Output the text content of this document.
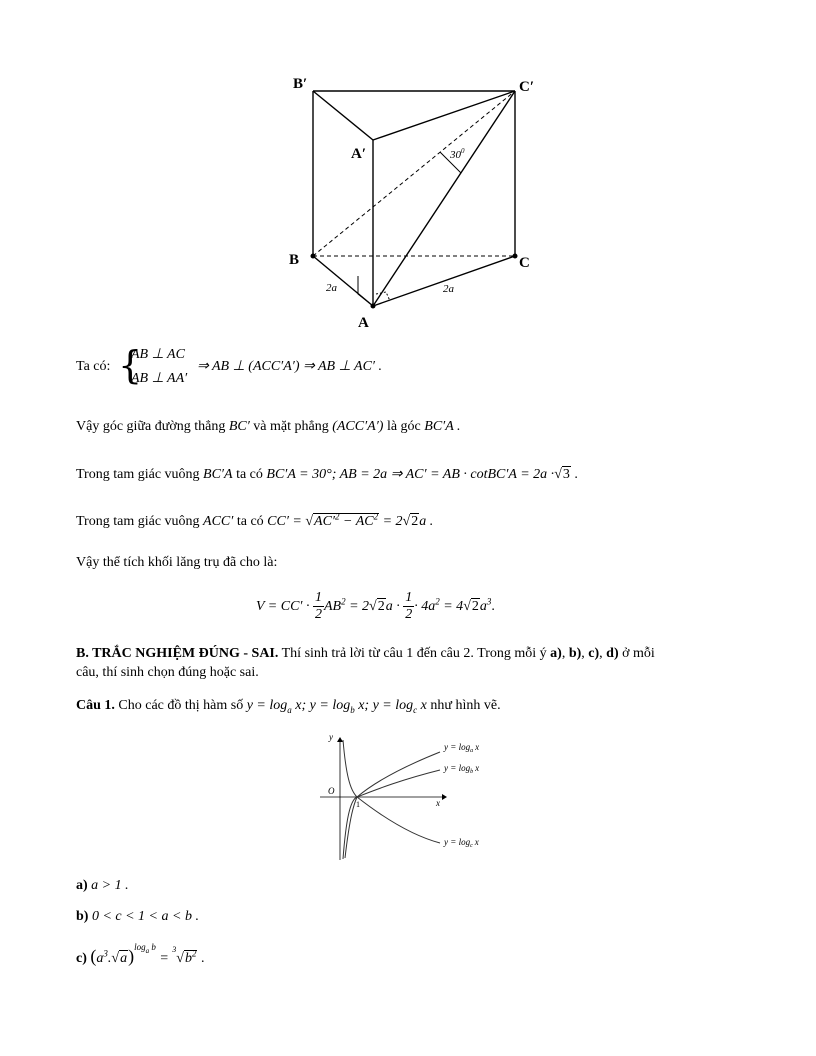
B′	C′
A′
B	C
A
$30^0$
2a	2a
Ta có: {
AB ⊥ AC
AB ⊥ AA′
⇒ AB ⊥ (ACC′A′) ⇒ AB ⊥ AC′ .
Vậy góc giữa đường thẳng BC′ và mặt phẳng (ACC′A′) là góc BC′A .
Trong tam giác vuông BC′A ta có BC′A = 30°; AB = 2a ⇒ AC′ = AB · cotBC′A = 2a ·√3 .
Trong tam giác vuông ACC′ ta có $CC' = √AC'^2 - AC^2 = 2√2a$ .
Vậy thể tích khối lăng trụ đã cho là:
$V = CC' \cdot \frac{1}{2} AB^2 = 2√2a \cdot \frac{1}{2} \cdot 4a^2 = 4√2a^3$.
B. TRẮC NGHIỆM ĐÚNG - SAI. Thí sinh trả lời từ câu 1 đến câu 2. Trong mỗi ý a), b), c), d) ở mỗi
câu, thí sinh chọn đúng hoặc sai.
Câu 1. Cho các đồ thị hàm số $y = \log_a x$; $y = \log_b x$; $y = \log_c x$ như hình vẽ.
y
x
O
1
$y = \log_a x$
$y = \log_b x$
$y = \log_c x$
a) a > 1 .
b) 0 < c < 1 < a < b .
c) $(a^3.√a)^{log_a b} = ^3√b^2$ .
